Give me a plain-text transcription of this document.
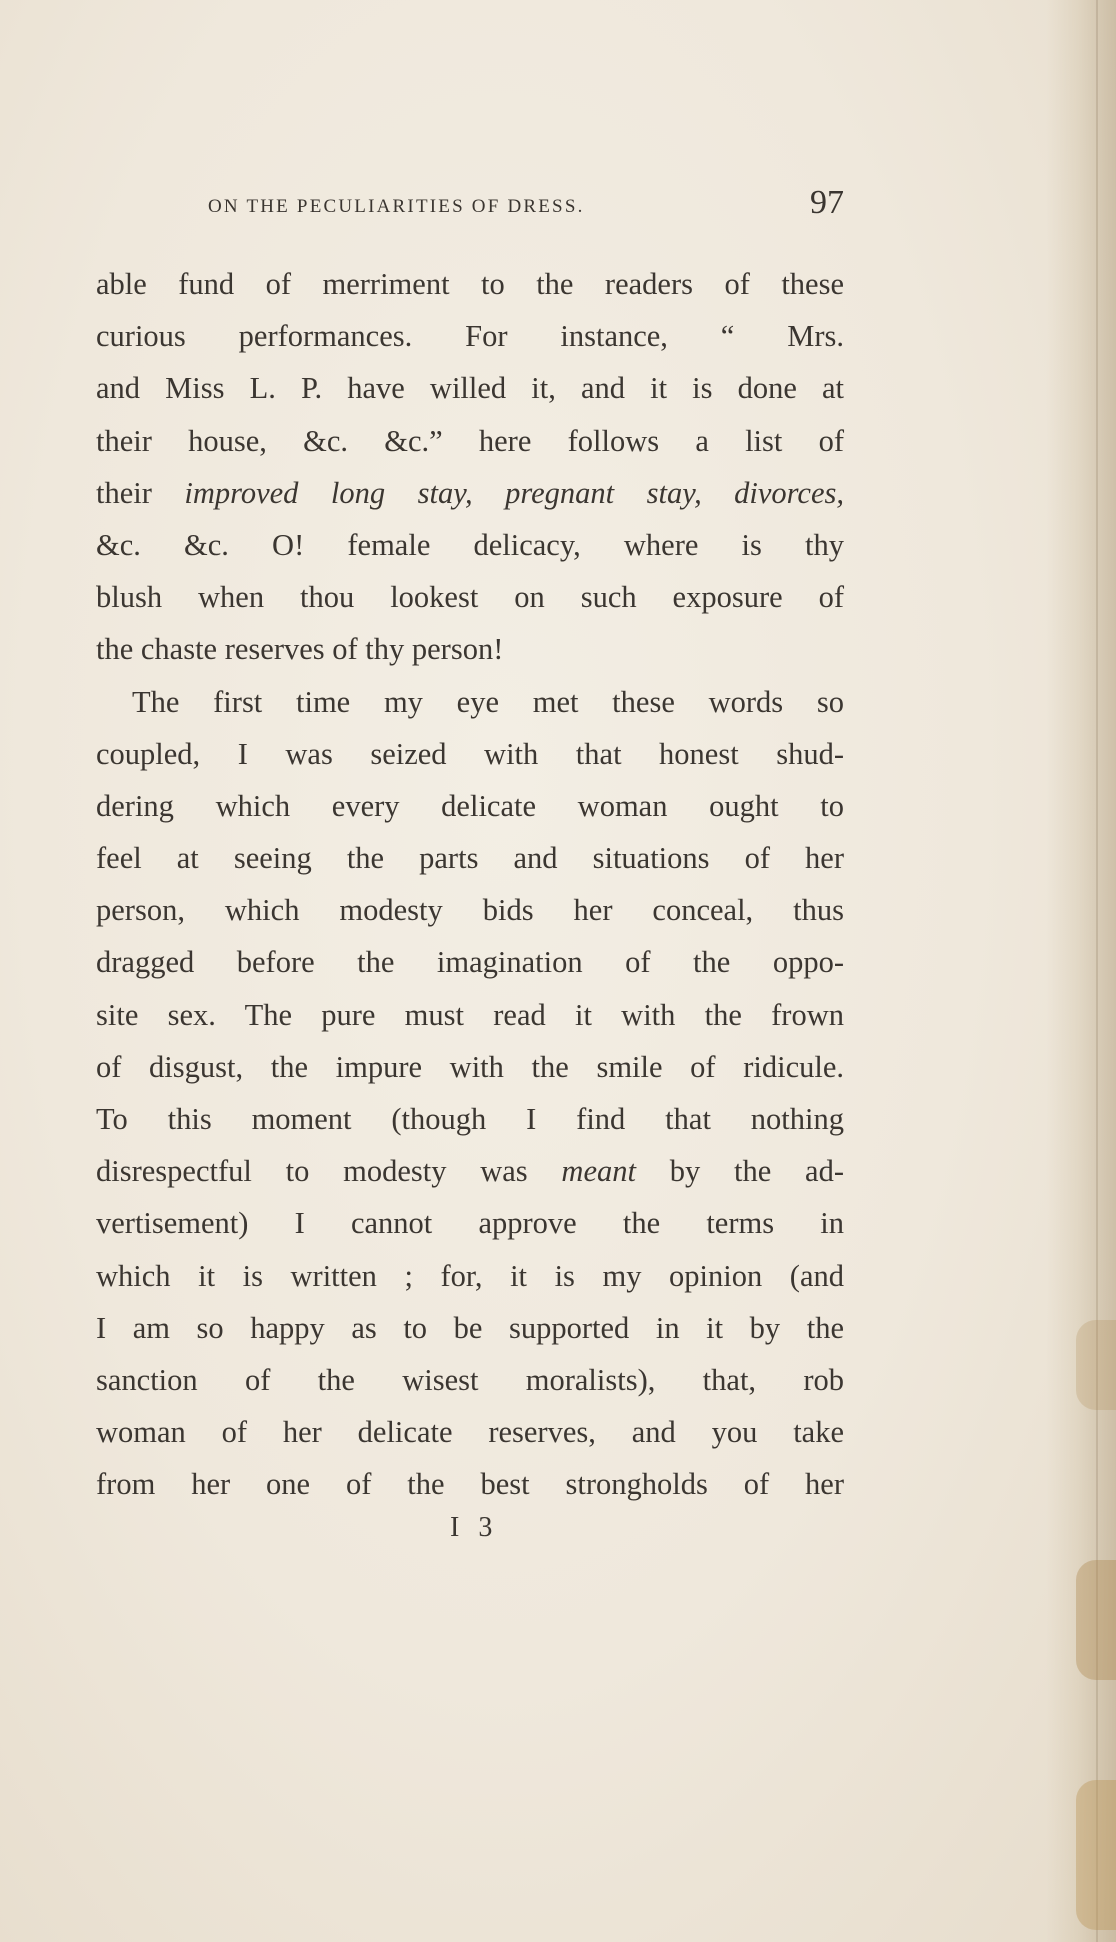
ON THE PECULIARITIES OF DRESS.	97
able fund of merriment to the readers of these
curious performances. For instance, “ Mrs.
and Miss L. P. have willed it, and it is done at
their house, &c. &c.” here follows a list of
their improved long stay, pregnant stay, divorces,
&c. &c. O! female delicacy, where is thy
blush when thou lookest on such exposure of
the chaste reserves of thy person!
The first time my eye met these words so
coupled, I was seized with that honest shud-
dering which every delicate woman ought to
feel at seeing the parts and situations of her
person, which modesty bids her conceal, thus
dragged before the imagination of the oppo-
site sex. The pure must read it with the frown
of disgust, the impure with the smile of ridicule.
To this moment (though I find that nothing
disrespectful to modesty was meant by the ad-
vertisement) I cannot approve the terms in
which it is written ; for, it is my opinion (and
I am so happy as to be supported in it by the
sanction of the wisest moralists), that, rob
woman of her delicate reserves, and you take
from her one of the best strongholds of her
I 3
